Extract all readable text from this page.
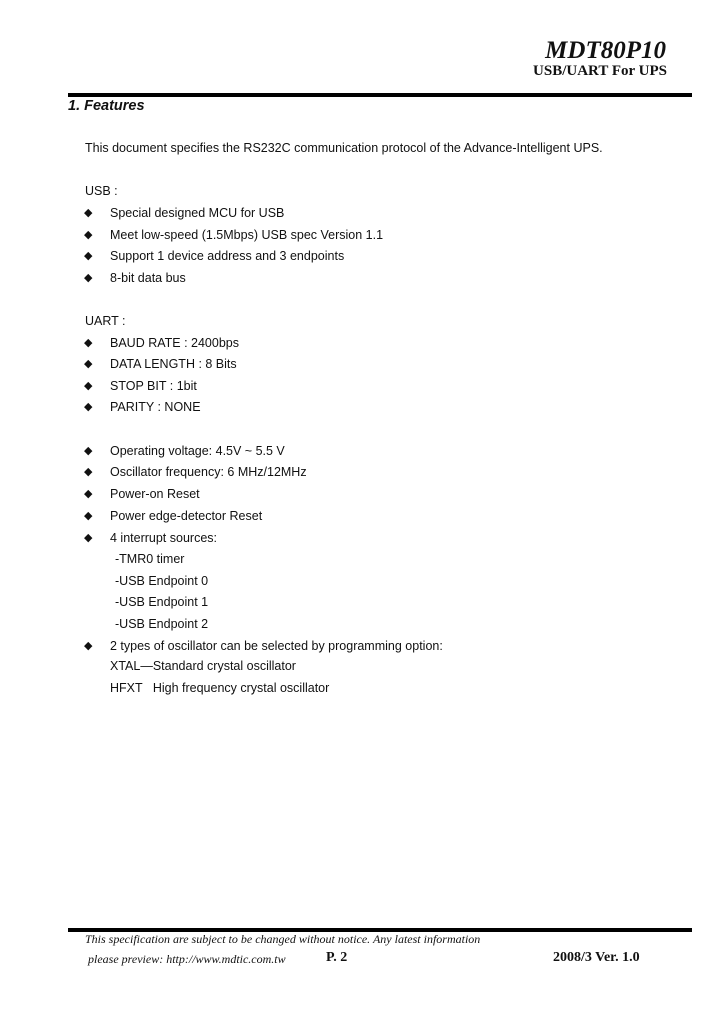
MDT80P10
USB/UART For UPS
1. Features
This document specifies the RS232C communication protocol of the Advance-Intelligent UPS.
USB :
◆ Special designed MCU for USB
◆ Meet low-speed (1.5Mbps) USB spec Version 1.1
◆ Support 1 device address and 3 endpoints
◆ 8-bit data bus
UART :
◆ BAUD RATE : 2400bps
◆ DATA LENGTH : 8 Bits
◆ STOP BIT : 1bit
◆ PARITY : NONE
◆ Operating voltage: 4.5V ~ 5.5 V
◆ Oscillator frequency: 6 MHz/12MHz
◆ Power-on Reset
◆ Power edge-detector Reset
◆ 4 interrupt sources:
-TMR0 timer
-USB Endpoint 0
-USB Endpoint 1
-USB Endpoint 2
◆ 2 types of oscillator can be selected by programming option:
XTAL—Standard crystal oscillator
HFXT   High frequency crystal oscillator
This specification are subject to be changed without notice. Any latest information
please preview: http://www.mdtic.com.tw	P. 2	2008/3 Ver. 1.0
